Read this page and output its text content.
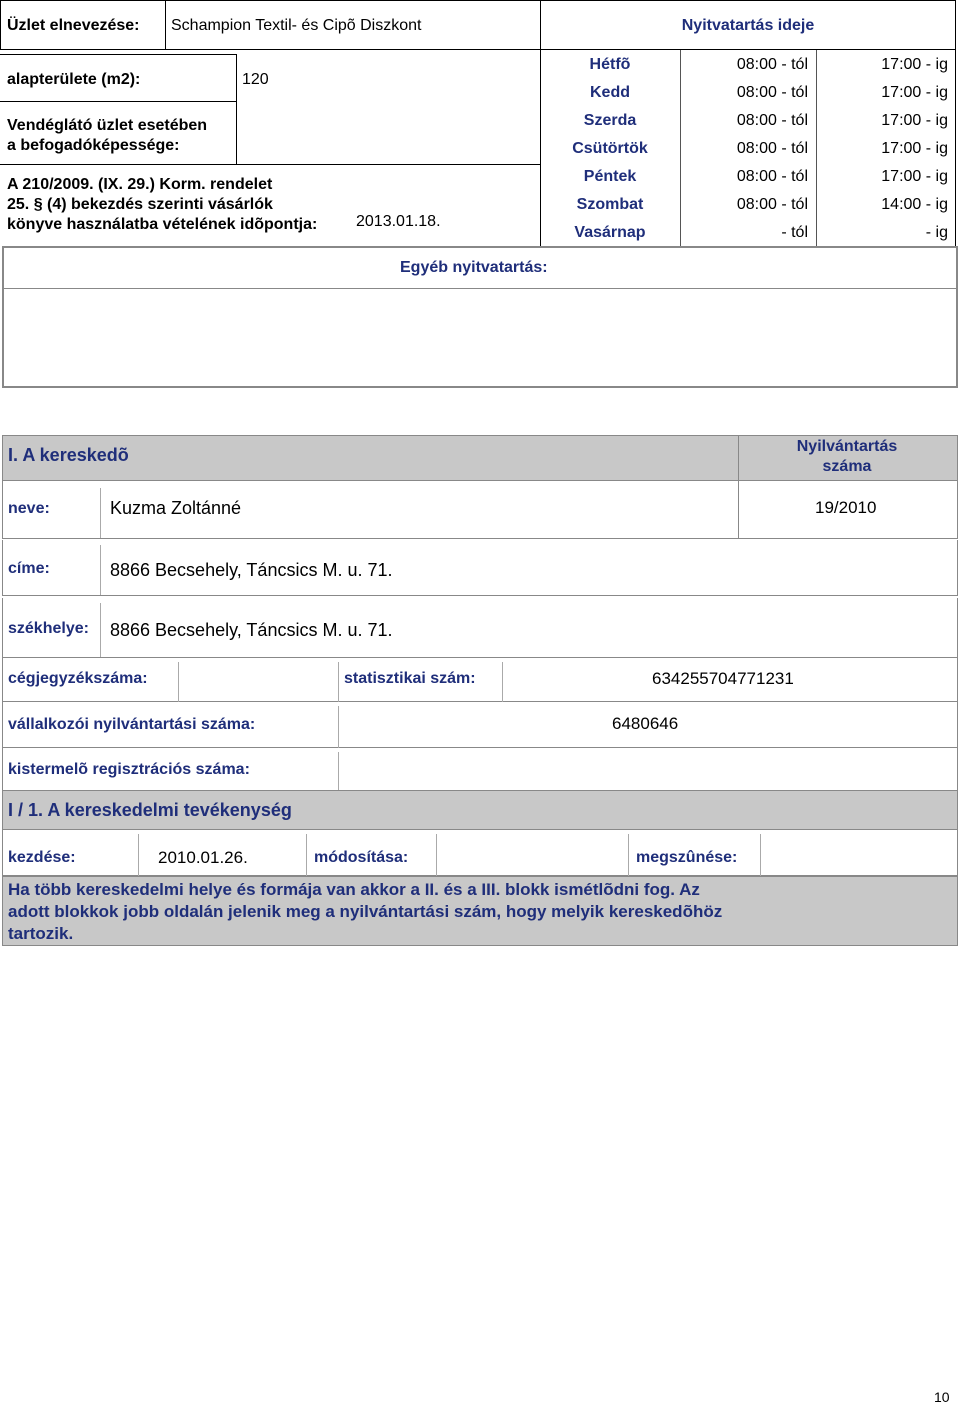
Üzlet elnevezése: Schampion Textil- és Cipõ Diszkont
alapterülete (m2):	120
Vendéglátó üzlet esetében
a befogadóképessége:
A 210/2009. (IX. 29.) Korm. rendelet
25. § (4) bekezdés szerinti vásárlók
könyve használatba vételének idõpontja: 2013.01.18.
Nyitvatartás ideje
Hétfõ	08:00 - tól	17:00 - ig
Kedd	08:00 - tól	17:00 - ig
Szerda	08:00 - tól	17:00 - ig
Csütörtök	08:00 - tól	17:00 - ig
Péntek	08:00 - tól	17:00 - ig
Szombat	08:00 - tól	14:00 - ig
Vasárnap	- tól	- ig
Egyéb nyitvatartás:
I. A kereskedõ	Nyilvántartás
száma
neve:	Kuzma Zoltánné	19/2010
címe:	8866 Becsehely, Táncsics M. u. 71.
székhelye: 8866 Becsehely, Táncsics M. u. 71.
cégjegyzékszáma:	statisztikai szám:	634255704771231
vállalkozói nyilvántartási száma:	6480646
kistermelõ regisztrációs száma:
I / 1. A kereskedelmi tevékenység
kezdése:	2010.01.26.	módosítása:	megszûnése:
Ha több kereskedelmi helye és formája van akkor a II. és a III. blokk ismétlõdni fog. Az
adott blokkok jobb oldalán jelenik meg a nyilvántartási szám, hogy melyik kereskedõhöz
tartozik.
10
